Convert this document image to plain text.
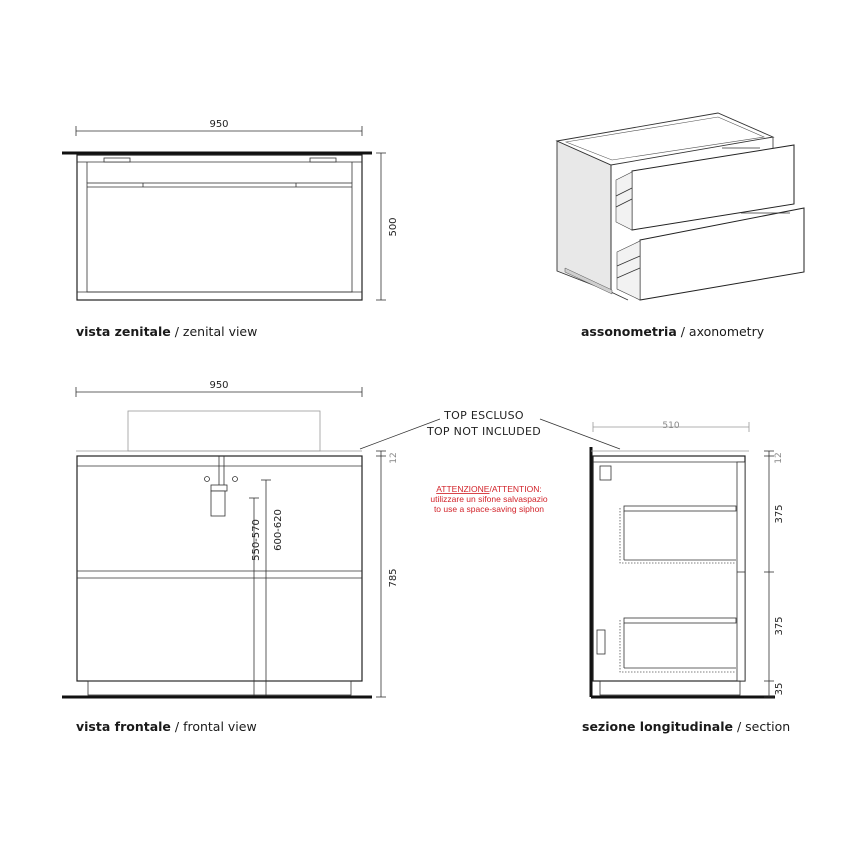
950
500
vista zenitale / zenital view	assonometria / axonometry
950
550-570 600-620
12
785
vista frontale / frontal view
TOP ESCLUSO
TOP NOT INCLUDED
ATTENZIONE/ATTENTION:
utilizzare un sifone salvaspazio
to use a space-saving siphon
510
12
375
375
35
sezione longitudinale / section
